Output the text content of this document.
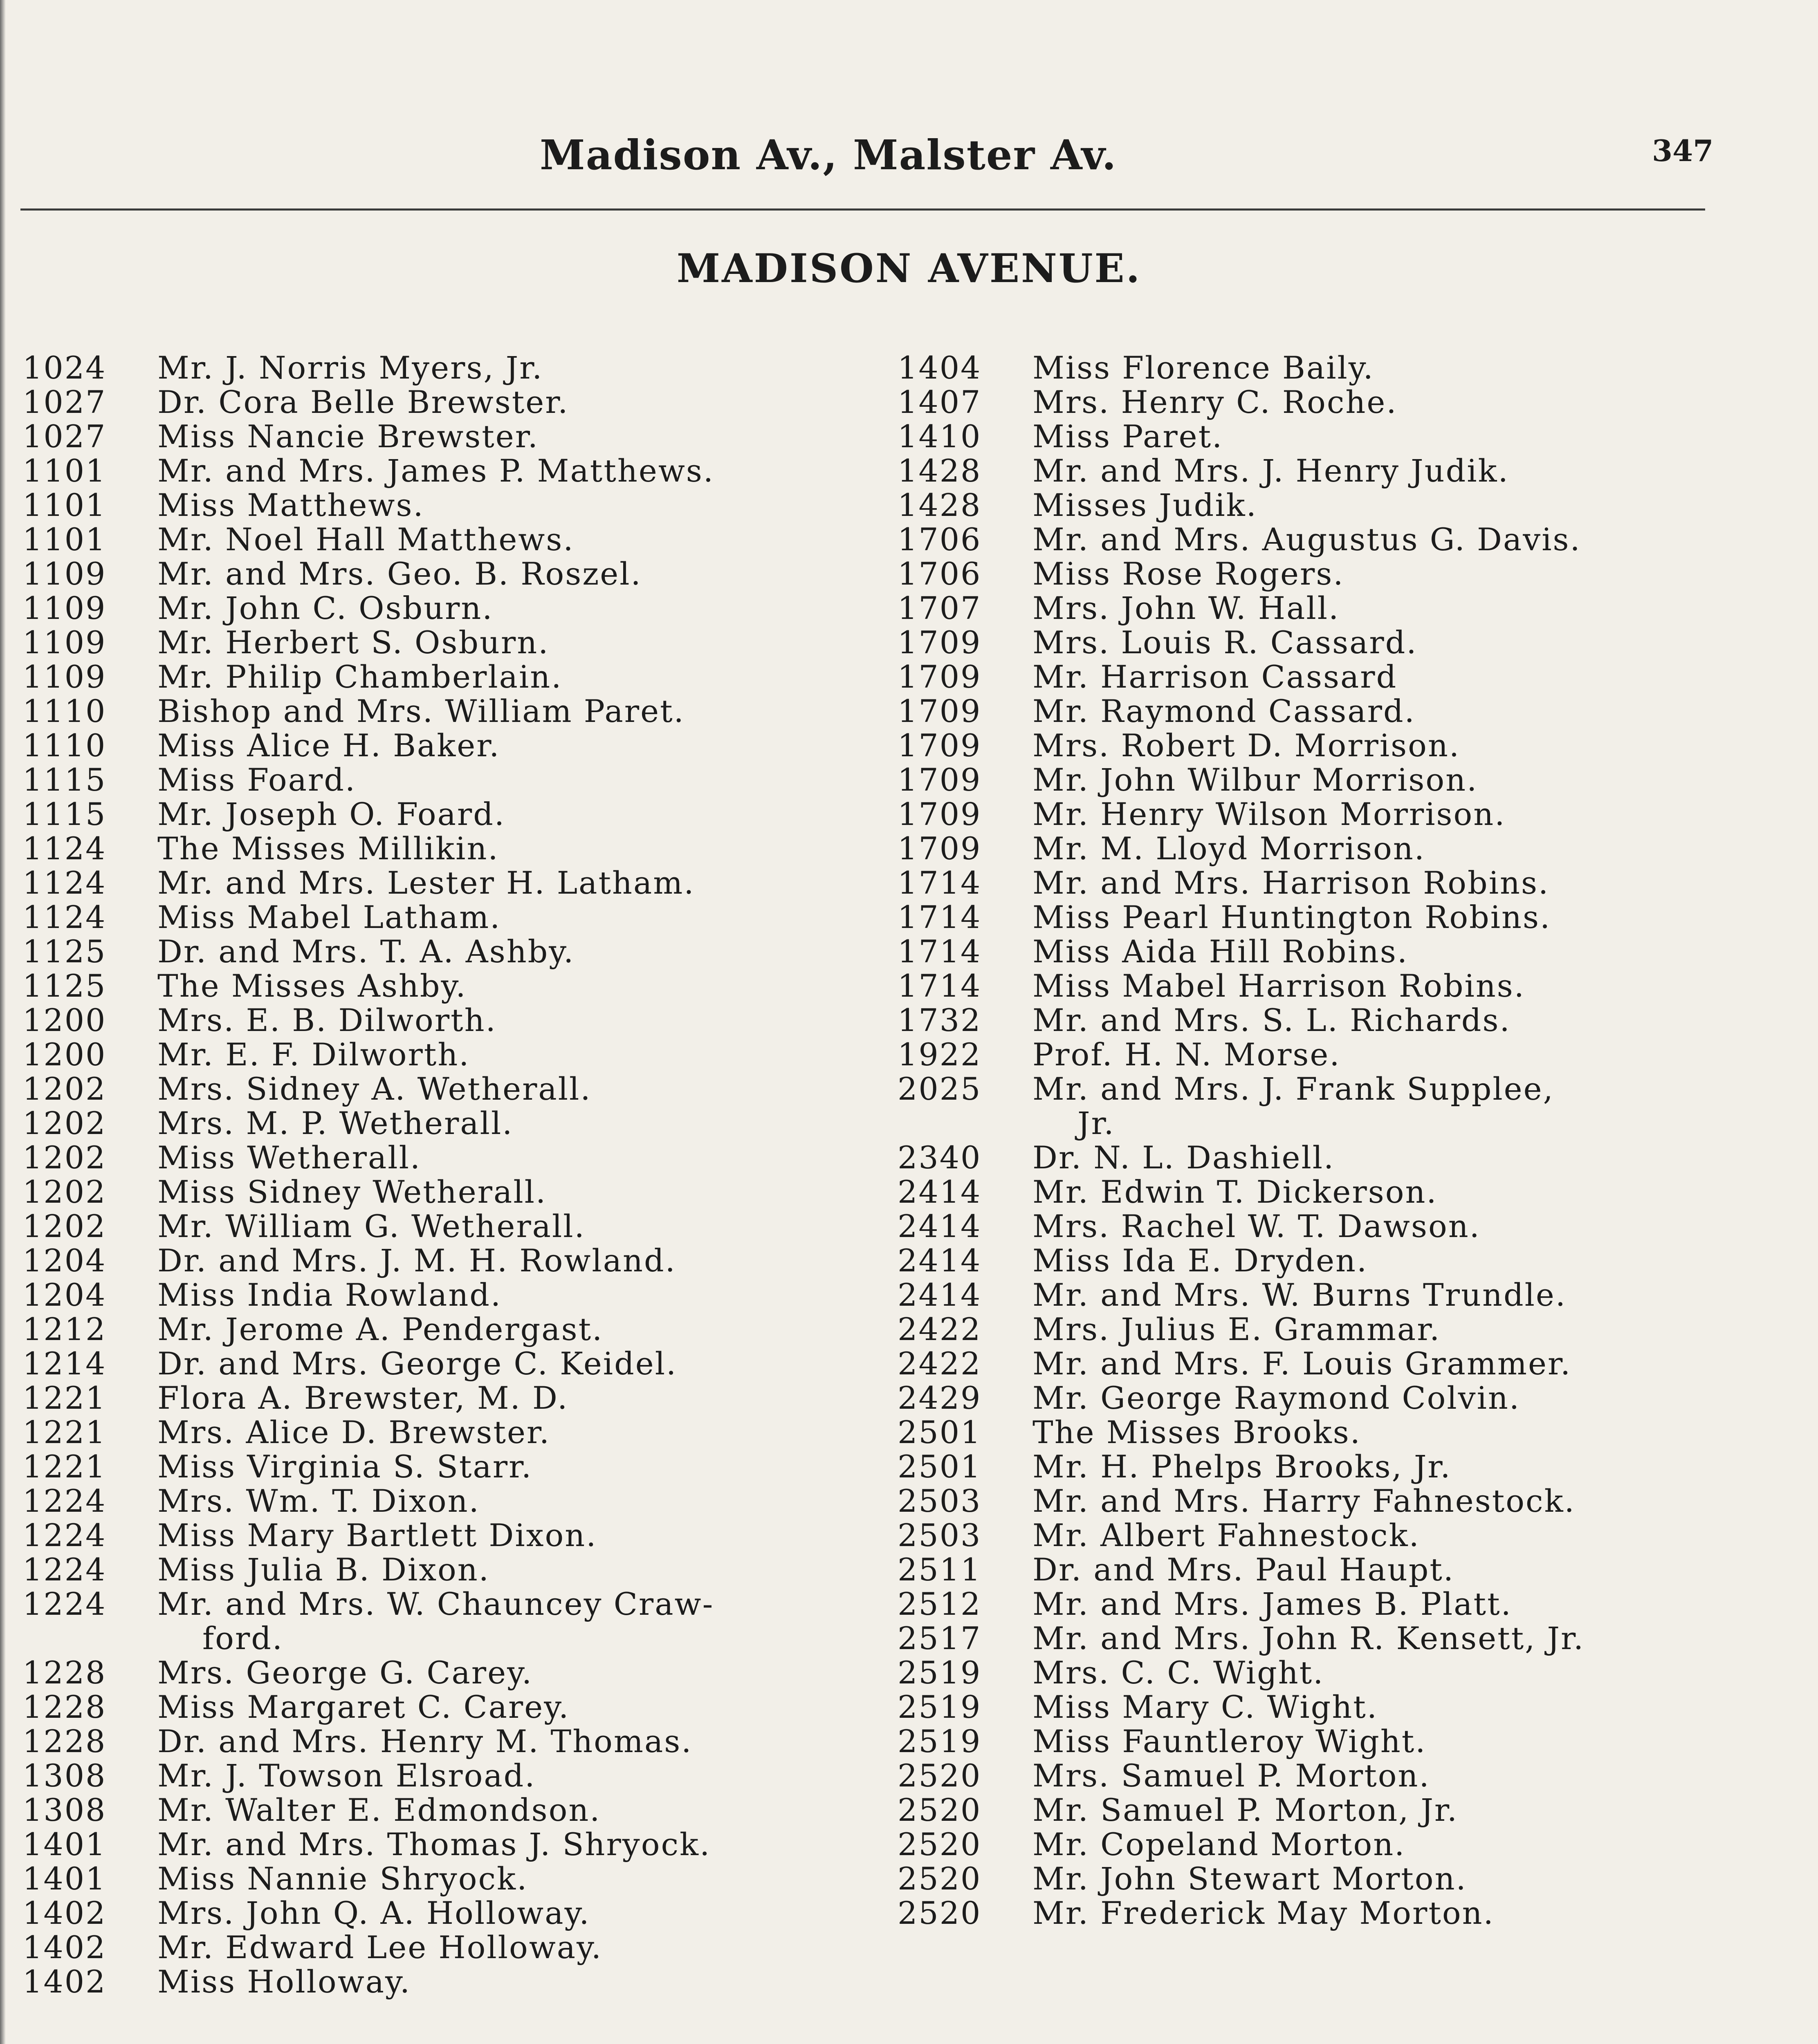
Madison Av., Malster Av.	347
MADISON AVENUE.
1024	Mr. J. Norris Myers, Jr.
1027	Dr. Cora Belle Brewster.
1027	Miss Nancie Brewster.
1101	Mr. and Mrs. James P. Matthews.
1101	Miss Matthews.
1101	Mr. Noel Hall Matthews.
1109	Mr. and Mrs. Geo. B. Roszel.
1109	Mr. John C. Osburn.
1109	Mr. Herbert S. Osburn.
1109	Mr. Philip Chamberlain.
1110	Bishop and Mrs. William Paret.
1110	Miss Alice H. Baker.
1115	Miss Foard.
1115	Mr. Joseph O. Foard.
1124	The Misses Millikin.
1124	Mr. and Mrs. Lester H. Latham.
1124	Miss Mabel Latham.
1125	Dr. and Mrs. T. A. Ashby.
1125	The Misses Ashby.
1200	Mrs. E. B. Dilworth.
1200	Mr. E. F. Dilworth.
1202	Mrs. Sidney A. Wetherall.
1202	Mrs. M. P. Wetherall.
1202	Miss Wetherall.
1202	Miss Sidney Wetherall.
1202	Mr. William G. Wetherall.
1204	Dr. and Mrs. J. M. H. Rowland.
1204	Miss India Rowland.
1212	Mr. Jerome A. Pendergast.
1214	Dr. and Mrs. George C. Keidel.
1221	Flora A. Brewster, M. D.
1221	Mrs. Alice D. Brewster.
1221	Miss Virginia S. Starr.
1224	Mrs. Wm. T. Dixon.
1224	Miss Mary Bartlett Dixon.
1224	Miss Julia B. Dixon.
1224	Mr. and Mrs. W. Chauncey Craw-
ford.
1228	Mrs. George G. Carey.
1228	Miss Margaret C. Carey.
1228	Dr. and Mrs. Henry M. Thomas.
1308	Mr. J. Towson Elsroad.
1308	Mr. Walter E. Edmondson.
1401	Mr. and Mrs. Thomas J. Shryock.
1401	Miss Nannie Shryock.
1402	Mrs. John Q. A. Holloway.
1402	Mr. Edward Lee Holloway.
1402	Miss Holloway.
1404	Miss Florence Baily.
1407	Mrs. Henry C. Roche.
1410	Miss Paret.
1428	Mr. and Mrs. J. Henry Judik.
1428	Misses Judik.
1706	Mr. and Mrs. Augustus G. Davis.
1706	Miss Rose Rogers.
1707	Mrs. John W. Hall.
1709	Mrs. Louis R. Cassard.
1709	Mr. Harrison Cassard
1709	Mr. Raymond Cassard.
1709	Mrs. Robert D. Morrison.
1709	Mr. John Wilbur Morrison.
1709	Mr. Henry Wilson Morrison.
1709	Mr. M. Lloyd Morrison.
1714	Mr. and Mrs. Harrison Robins.
1714	Miss Pearl Huntington Robins.
1714	Miss Aida Hill Robins.
1714	Miss Mabel Harrison Robins.
1732	Mr. and Mrs. S. L. Richards.
1922	Prof. H. N. Morse.
2025	Mr. and Mrs. J. Frank Supplee,
Jr.
2340	Dr. N. L. Dashiell.
2414	Mr. Edwin T. Dickerson.
2414	Mrs. Rachel W. T. Dawson.
2414	Miss Ida E. Dryden.
2414	Mr. and Mrs. W. Burns Trundle.
2422	Mrs. Julius E. Grammar.
2422	Mr. and Mrs. F. Louis Grammer.
2429	Mr. George Raymond Colvin.
2501	The Misses Brooks.
2501	Mr. H. Phelps Brooks, Jr.
2503	Mr. and Mrs. Harry Fahnestock.
2503	Mr. Albert Fahnestock.
2511	Dr. and Mrs. Paul Haupt.
2512	Mr. and Mrs. James B. Platt.
2517	Mr. and Mrs. John R. Kensett, Jr.
2519	Mrs. C. C. Wight.
2519	Miss Mary C. Wight.
2519	Miss Fauntleroy Wight.
2520	Mrs. Samuel P. Morton.
2520	Mr. Samuel P. Morton, Jr.
2520	Mr. Copeland Morton.
2520	Mr. John Stewart Morton.
2520	Mr. Frederick May Morton.
